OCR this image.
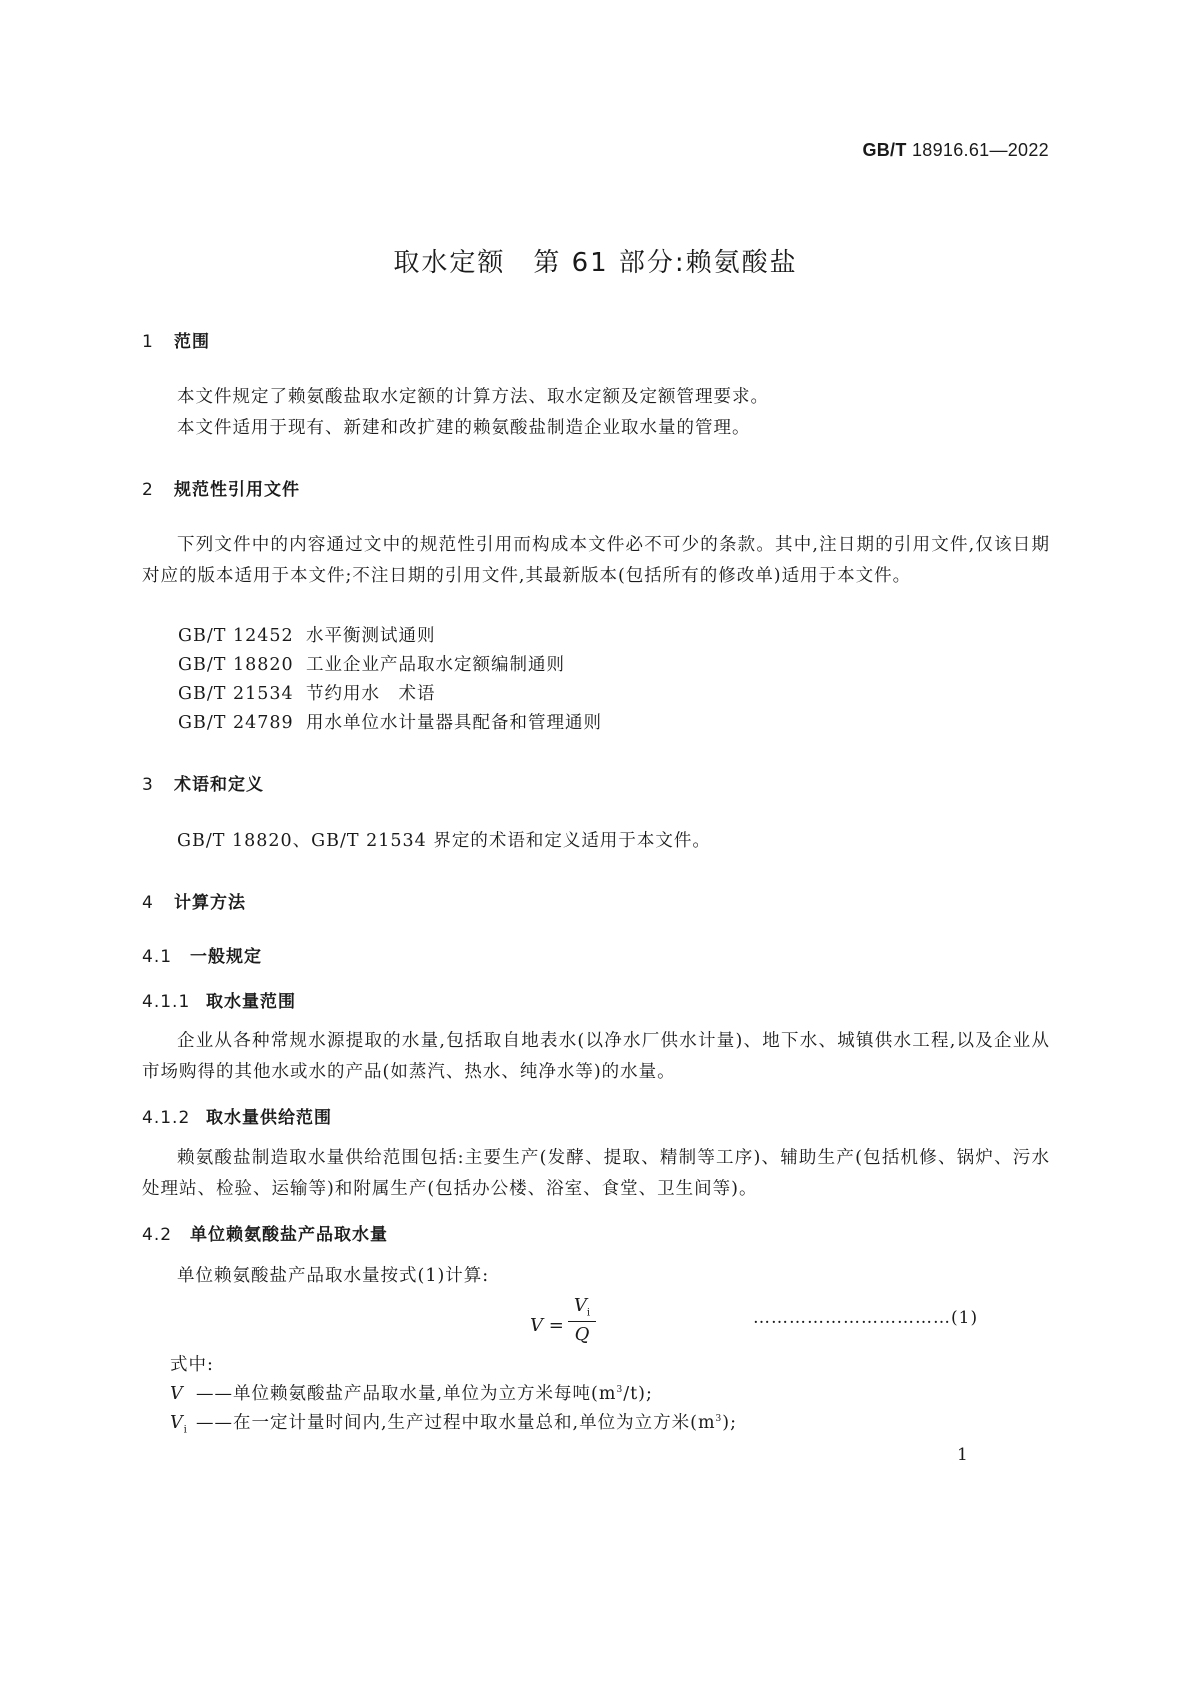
GB/T 18916.61—2022
取水定额　第 61 部分:赖氨酸盐
1 范围
本文件规定了赖氨酸盐取水定额的计算方法、取水定额及定额管理要求。
本文件适用于现有、新建和改扩建的赖氨酸盐制造企业取水量的管理。
2 规范性引用文件
下列文件中的内容通过文中的规范性引用而构成本文件必不可少的条款。其中,注日期的引用文件,仅该日期对应的版本适用于本文件;不注日期的引用文件,其最新版本(包括所有的修改单)适用于本文件。
GB/T 12452 水平衡测试通则
GB/T 18820 工业企业产品取水定额编制通则
GB/T 21534 节约用水　术语
GB/T 24789 用水单位水计量器具配备和管理通则
3 术语和定义
GB/T 18820、GB/T 21534 界定的术语和定义适用于本文件。
4 计算方法
4.1 一般规定
4.1.1 取水量范围
企业从各种常规水源提取的水量,包括取自地表水(以净水厂供水计量)、地下水、城镇供水工程,以及企业从市场购得的其他水或水的产品(如蒸汽、热水、纯净水等)的水量。
4.1.2 取水量供给范围
赖氨酸盐制造取水量供给范围包括:主要生产(发酵、提取、精制等工序)、辅助生产(包括机修、锅炉、污水处理站、检验、运输等)和附属生产(包括办公楼、浴室、食堂、卫生间等)。
4.2 单位赖氨酸盐产品取水量
单位赖氨酸盐产品取水量按式(1)计算:
V =
$V_i$
Q
……………………………(1)
式中:
V ——单位赖氨酸盐产品取水量,单位为立方米每吨$(m^3/t)$;
$V_i$ ——在一定计量时间内,生产过程中取水量总和,单位为立方米$(m^3)$;
1
